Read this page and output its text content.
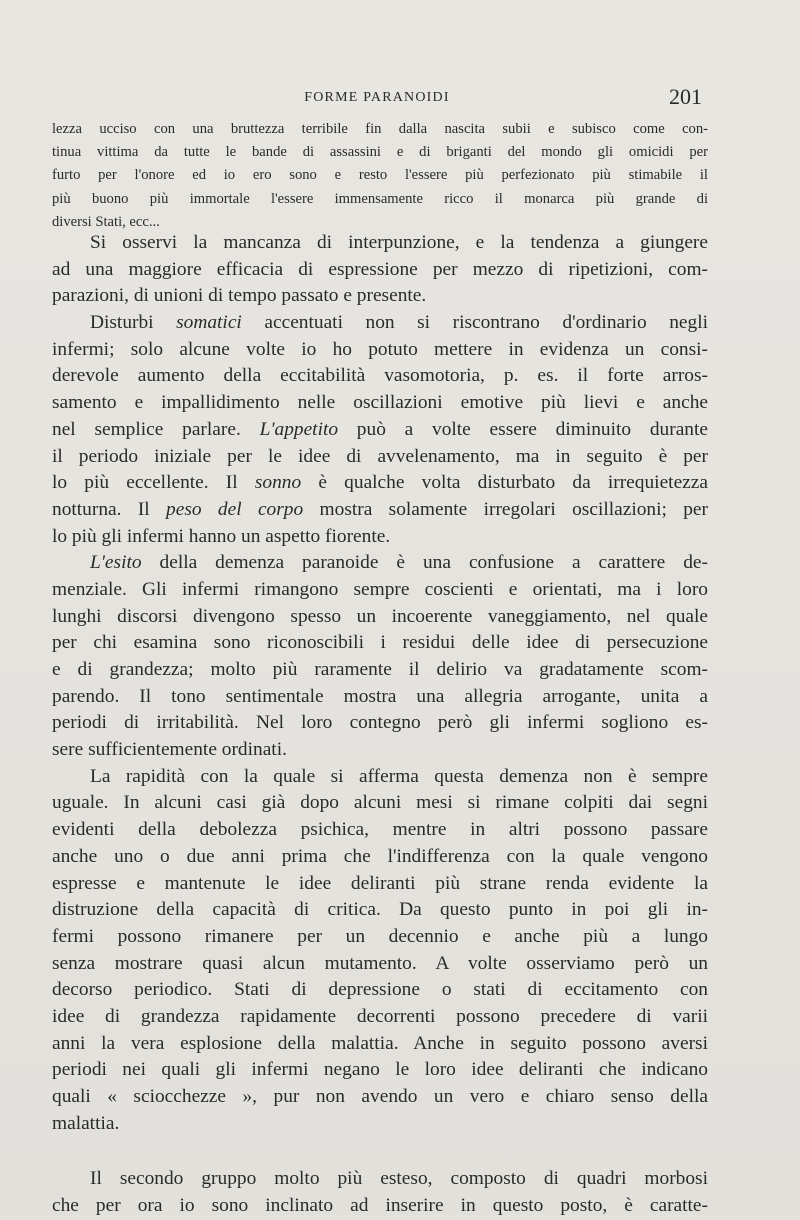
FORME PARANOIDI	201
lezza ucciso con una bruttezza terribile fin dalla nascita subii e subisco come con-
tinua vittima da tutte le bande di assassini e di briganti del mondo gli omicidi per
furto per l'onore ed io ero sono e resto l'essere più perfezionato più stimabile il
più buono più immortale l'essere immensamente ricco il monarca più grande di
diversi Stati, ecc...
Si osservi la mancanza di interpunzione, e la tendenza a giungere
ad una maggiore efficacia di espressione per mezzo di ripetizioni, com-
parazioni, di unioni di tempo passato e presente.
Disturbi somatici accentuati non si riscontrano d'ordinario negli
infermi; solo alcune volte io ho potuto mettere in evidenza un consi-
derevole aumento della eccitabilità vasomotoria, p. es. il forte arros-
samento e impallidimento nelle oscillazioni emotive più lievi e anche
nel semplice parlare. L'appetito può a volte essere diminuito durante
il periodo iniziale per le idee di avvelenamento, ma in seguito è per
lo più eccellente. Il sonno è qualche volta disturbato da irrequietezza
notturna. Il peso del corpo mostra solamente irregolari oscillazioni; per
lo più gli infermi hanno un aspetto fiorente.
L'esito della demenza paranoide è una confusione a carattere de-
menziale. Gli infermi rimangono sempre coscienti e orientati, ma i loro
lunghi discorsi divengono spesso un incoerente vaneggiamento, nel quale
per chi esamina sono riconoscibili i residui delle idee di persecuzione
e di grandezza; molto più raramente il delirio va gradatamente scom-
parendo. Il tono sentimentale mostra una allegria arrogante, unita a
periodi di irritabilità. Nel loro contegno però gli infermi sogliono es-
sere sufficientemente ordinati.
La rapidità con la quale si afferma questa demenza non è sempre
uguale. In alcuni casi già dopo alcuni mesi si rimane colpiti dai segni
evidenti della debolezza psichica, mentre in altri possono passare
anche uno o due anni prima che l'indifferenza con la quale vengono
espresse e mantenute le idee deliranti più strane renda evidente la
distruzione della capacità di critica. Da questo punto in poi gli in-
fermi possono rimanere per un decennio e anche più a lungo
senza mostrare quasi alcun mutamento. A volte osserviamo però un
decorso periodico. Stati di depressione o stati di eccitamento con
idee di grandezza rapidamente decorrenti possono precedere di varii
anni la vera esplosione della malattia. Anche in seguito possono aversi
periodi nei quali gli infermi negano le loro idee deliranti che indicano
quali « sciocchezze », pur non avendo un vero e chiaro senso della
malattia.
Il secondo gruppo molto più esteso, composto di quadri morbosi
che per ora io sono inclinato ad inserire in questo posto, è caratte-
